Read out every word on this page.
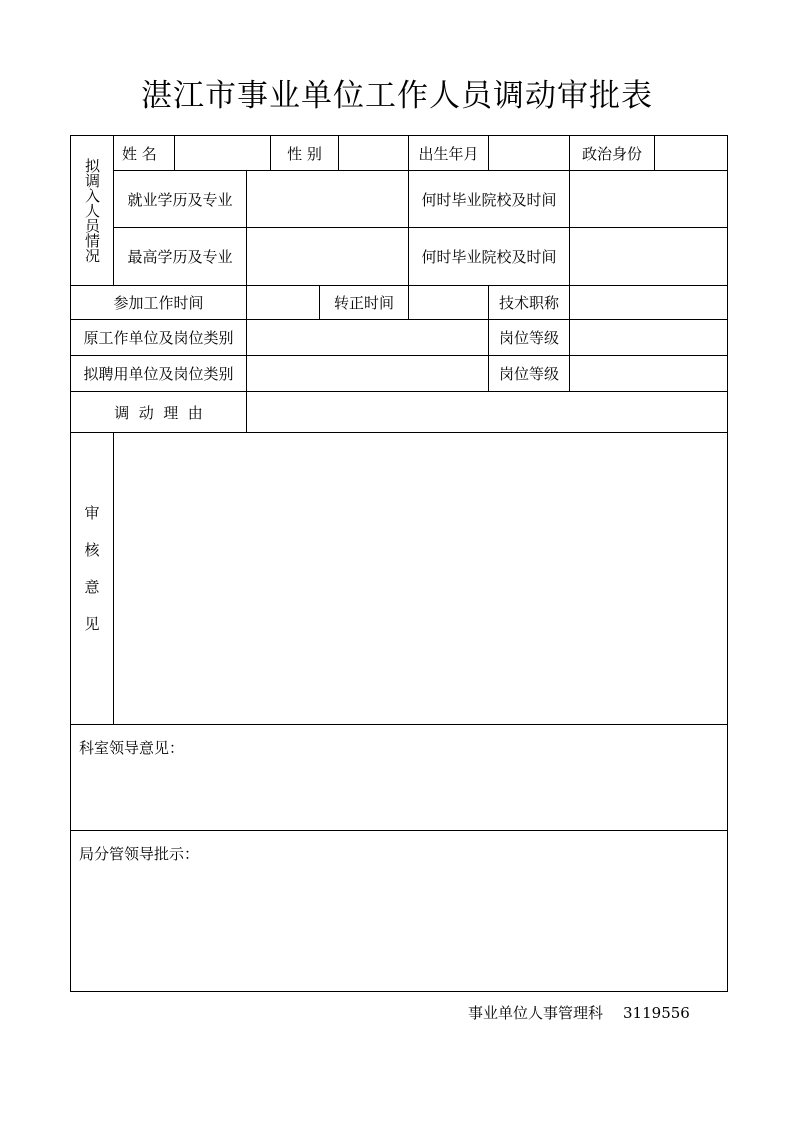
湛江市事业单位工作人员调动审批表
拟调入人员情况
姓 名	性 别	出生年月	政治身份
就业学历及专业	何时毕业院校及时间
最高学历及专业	何时毕业院校及时间
参加工作时间	转正时间	技术职称
原工作单位及岗位类别	岗位等级
拟聘用单位及岗位类别	岗位等级
调  动  理  由
审核意见
科室领导意见：
局分管领导批示：
事业单位人事管理科 3119556
